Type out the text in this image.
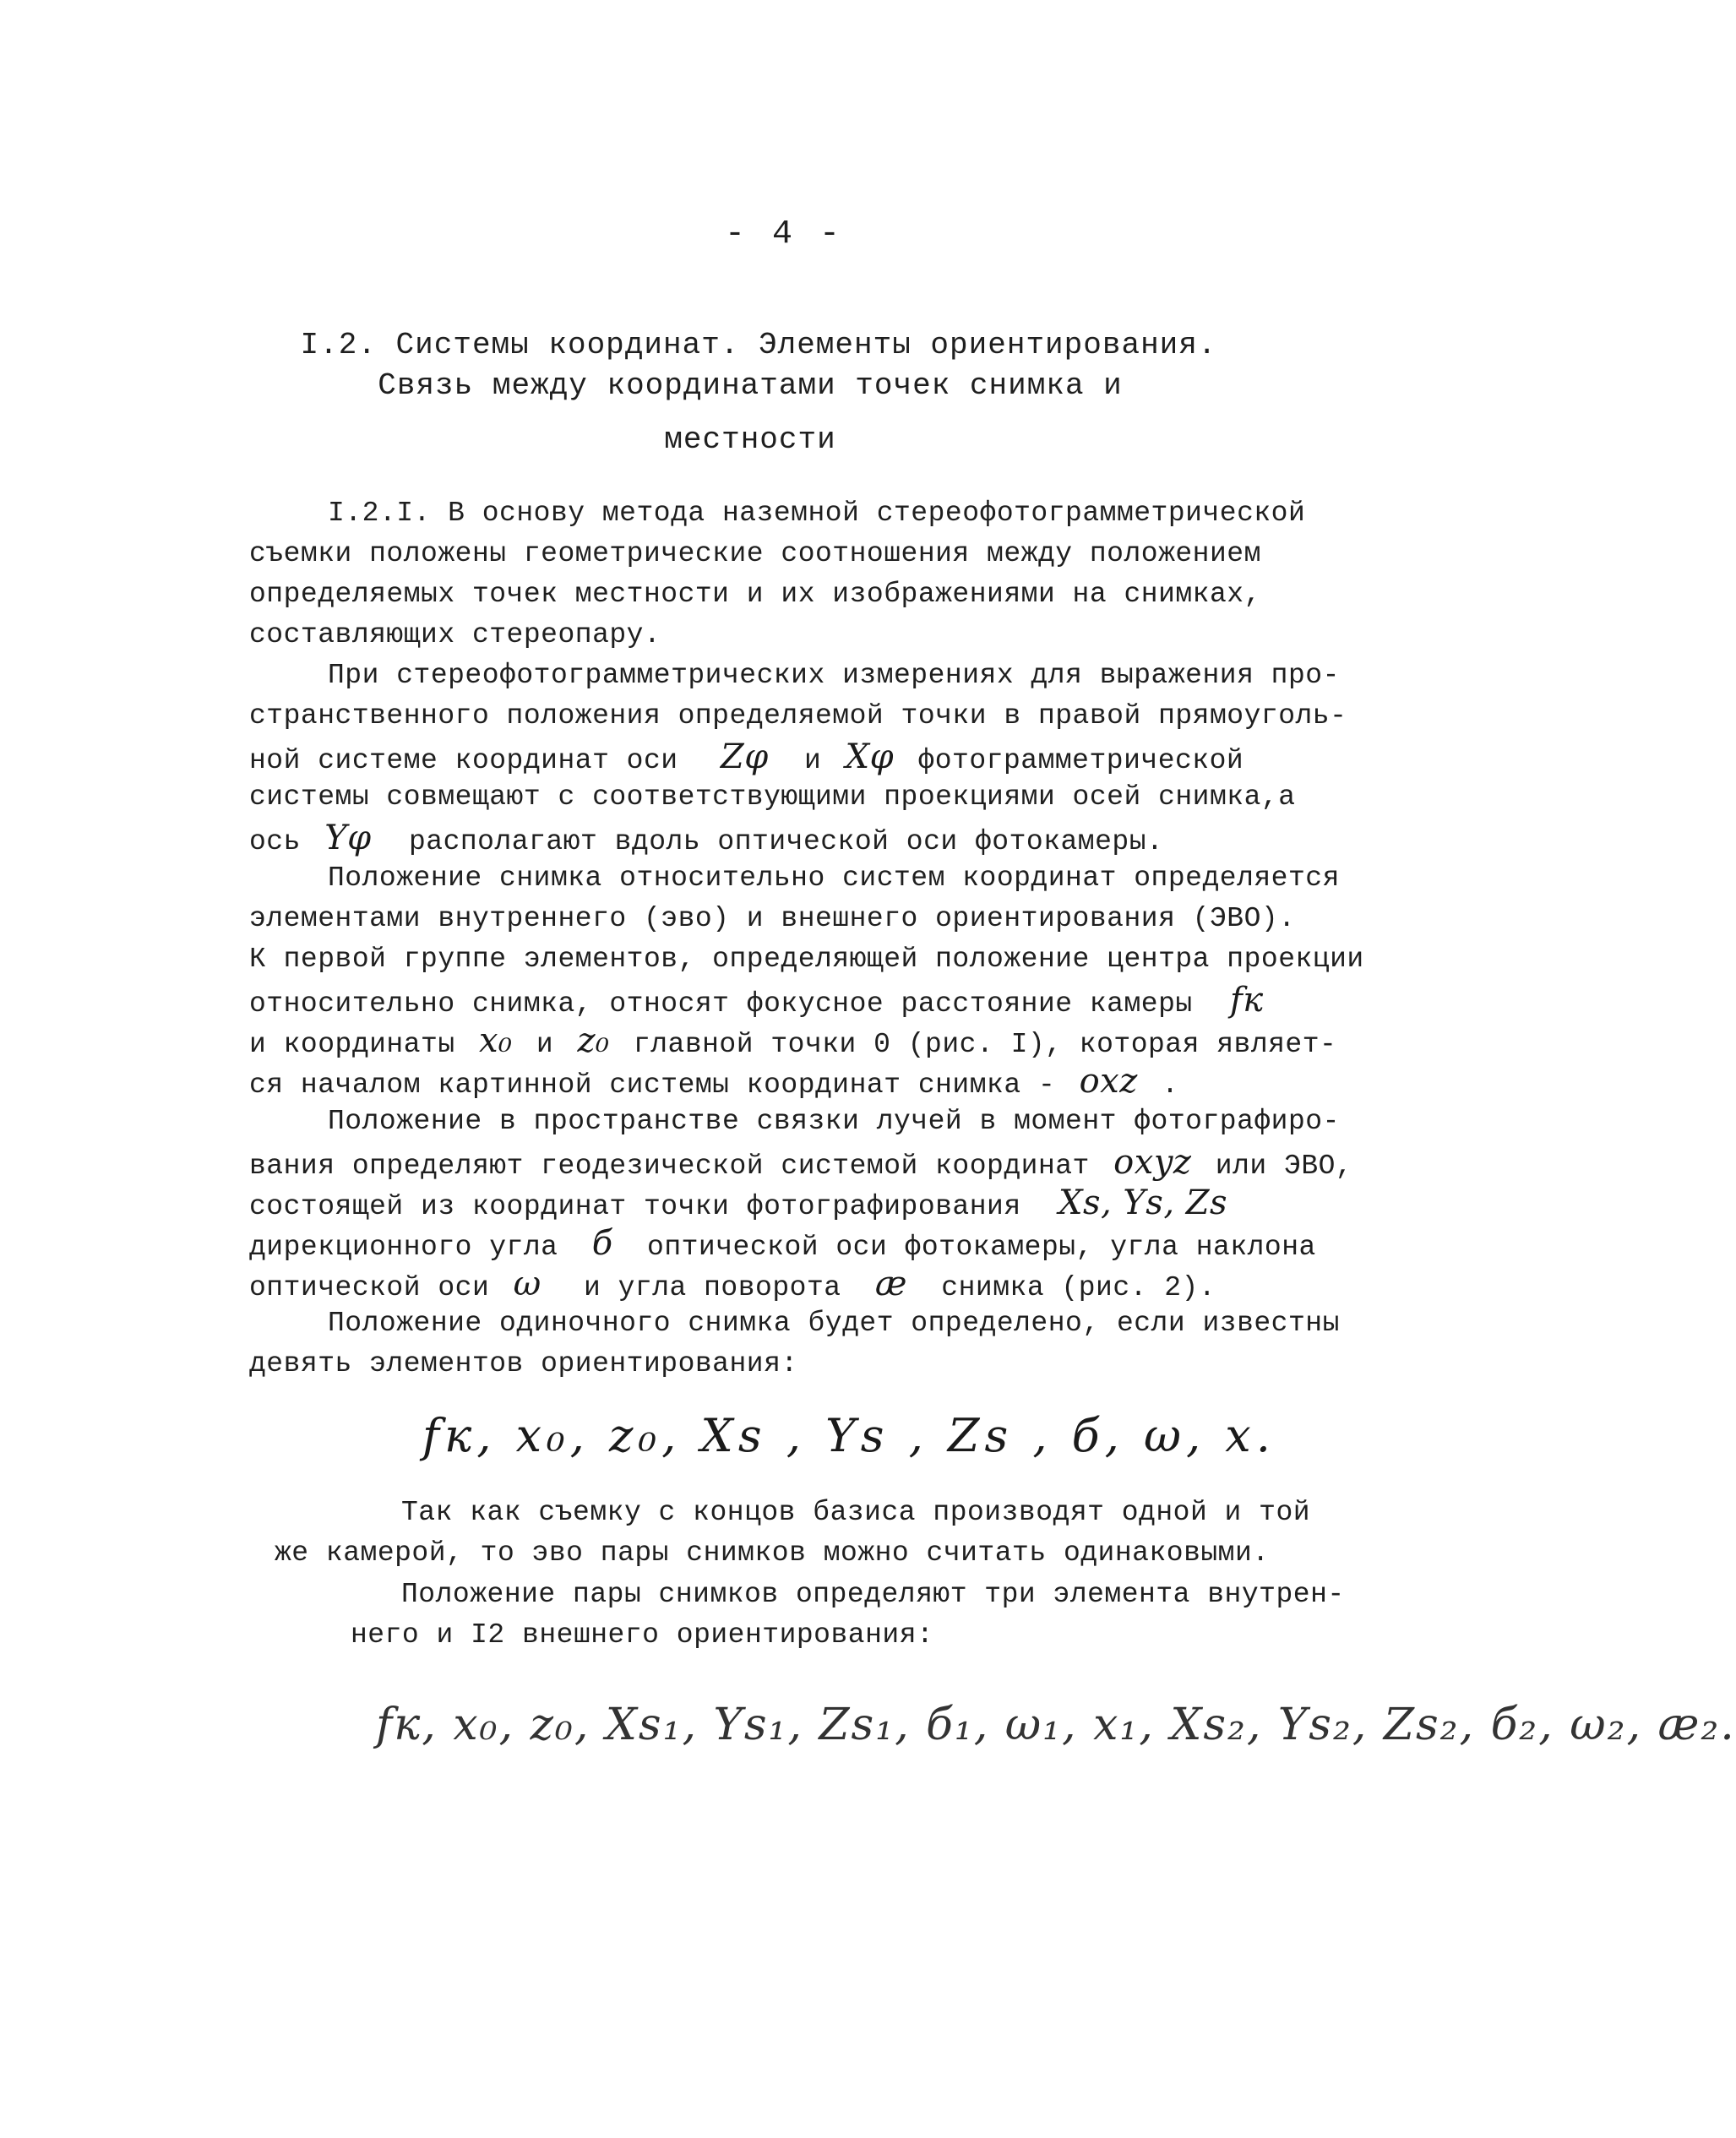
- 4 -
I.2. Системы координат. Элементы ориентирования.
Связь между координатами точек снимка и
местности
I.2.I. В основу метода наземной стереофотограмметрической
съемки положены геометрические соотношения между положением
определяемых точек местности и их изображениями на снимках,
составляющих стереопару.
При стереофотограмметрических измерениях для выражения про-
странственного положения определяемой точки в правой прямоуголь-
ной системе координат оси Zφ и Xφ фотограмметрической
системы совмещают с соответствующими проекциями осей снимка,а
ось Yφ располагают вдоль оптической оси фотокамеры.
Положение снимка относительно систем координат определяется
элементами внутреннего (эво) и внешнего ориентирования (ЭВО).
К первой группе элементов, определяющей положение центра проекции
относительно снимка, относят фокусное расстояние камеры fк
и координаты x₀ и z₀ главной точки 0 (рис. I), которая являет-
ся началом картинной системы координат снимка - oxz .
Положение в пространстве связки лучей в момент фотографиро-
вания определяют геодезической системой координат oxyz или ЭВО,
состоящей из координат точки фотографирования Xs, Ys, Zs
дирекционного угла б оптической оси фотокамеры, угла наклона
оптической оси ω и угла поворота æ снимка (рис. 2).
Положение одиночного снимка будет определено, если известны
девять элементов ориентирования:
fк, x₀, z₀, Xs , Ys , Zs , б, ω, x.
Так как съемку с концов базиса производят одной и той
же камерой, то эво пары снимков можно считать одинаковыми.
Положение пары снимков определяют три элемента внутрен-
него и I2 внешнего ориентирования:
fк, x₀, z₀, Xs₁, Ys₁, Zs₁, б₁, ω₁, x₁, Xs₂, Ys₂, Zs₂, б₂, ω₂, æ₂.
